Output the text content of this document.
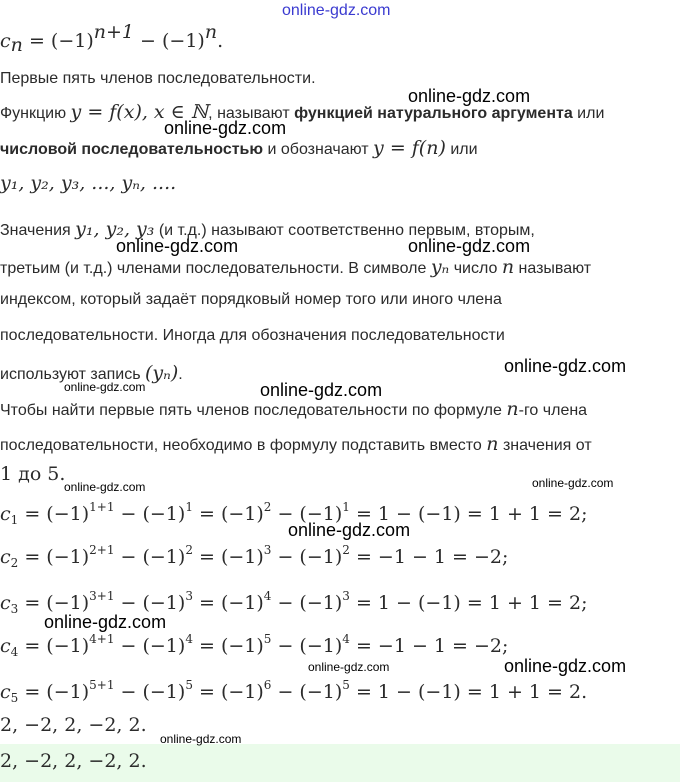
online-gdz.com
$c_n = (-1)^{n+1} - (-1)^n$.
Первые пять членов последовательности.
Функцию y = f(x), x ∈ ℕ, называют функцией натурального аргумента или
числовой последовательностью и обозначают y = f(n) или
y₁, y₂, y₃, ..., yₙ, ....
Значения y₁, y₂, y₃ (и т.д.) называют соответственно первым, вторым,
третьим (и т.д.) членами последовательности. В символе yₙ число n называют
индексом, который задаёт порядковый номер того или иного члена
последовательности. Иногда для обозначения последовательности
используют запись (yₙ).
Чтобы найти первые пять членов последовательности по формуле n-го члена
последовательности, необходимо в формулу подставить вместо n значения от
1 до 5.
$c_1 = (-1)^{1+1} - (-1)^1 = (-1)^2 - (-1)^1 = 1 - (-1) = 1 + 1 = 2$;
$c_2 = (-1)^{2+1} - (-1)^2 = (-1)^3 - (-1)^2 = -1 - 1 = -2$;
$c_3 = (-1)^{3+1} - (-1)^3 = (-1)^4 - (-1)^3 = 1 - (-1) = 1 + 1 = 2$;
$c_4 = (-1)^{4+1} - (-1)^4 = (-1)^5 - (-1)^4 = -1 - 1 = -2$;
$c_5 = (-1)^{5+1} - (-1)^5 = (-1)^6 - (-1)^5 = 1 - (-1) = 1 + 1 = 2$.
2, −2, 2, −2, 2.
2, −2, 2, −2, 2.
online-gdz.com
online-gdz.com
online-gdz.com	online-gdz.com
online-gdz.com
online-gdz.com	online-gdz.com
online-gdz.com	online-gdz.com
online-gdz.com
online-gdz.com
online-gdz.com	online-gdz.com
online-gdz.com
